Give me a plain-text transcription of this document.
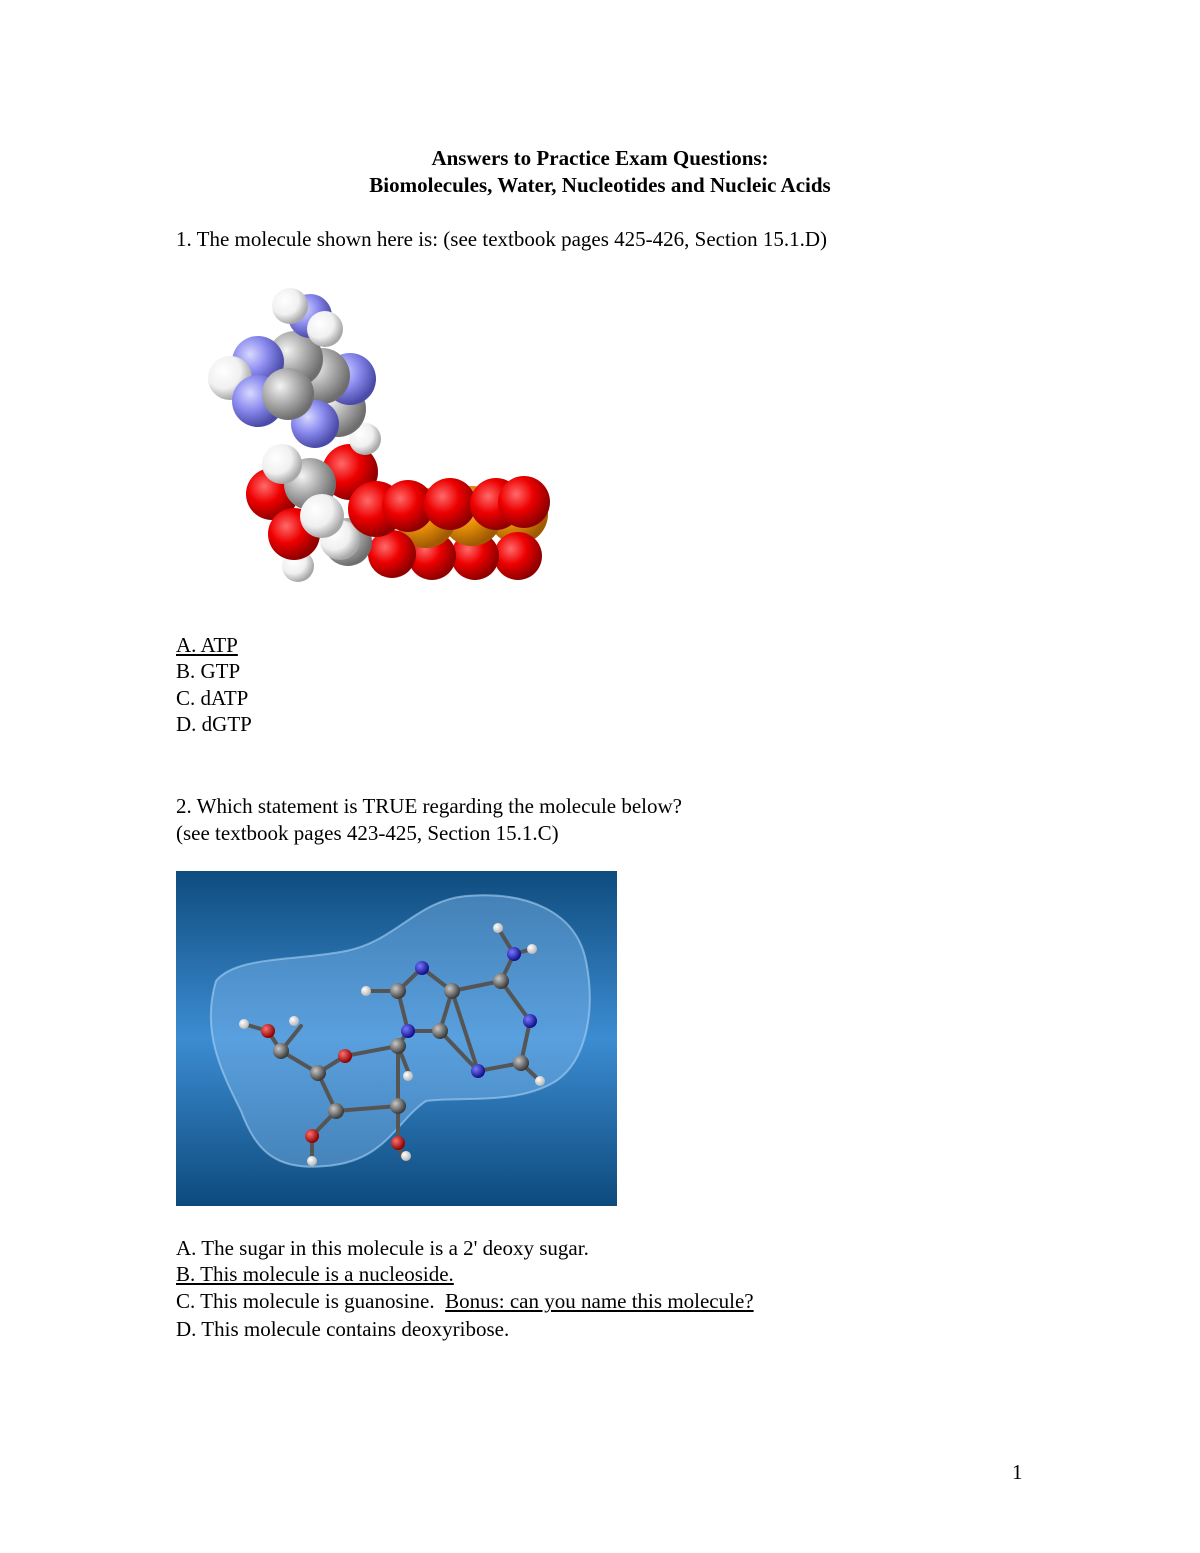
Answers to Practice Exam Questions:
Biomolecules, Water, Nucleotides and Nucleic Acids
1. The molecule shown here is: (see textbook pages 425-426, Section 15.1.D)
A. ATP
B. GTP
C. dATP
D. dGTP
2. Which statement is TRUE regarding the molecule below?
(see textbook pages 423-425, Section 15.1.C)
A. The sugar in this molecule is a 2' deoxy sugar.
B. This molecule is a nucleoside.
C. This molecule is guanosine. Bonus: can you name this molecule?
D. This molecule contains deoxyribose.
1
